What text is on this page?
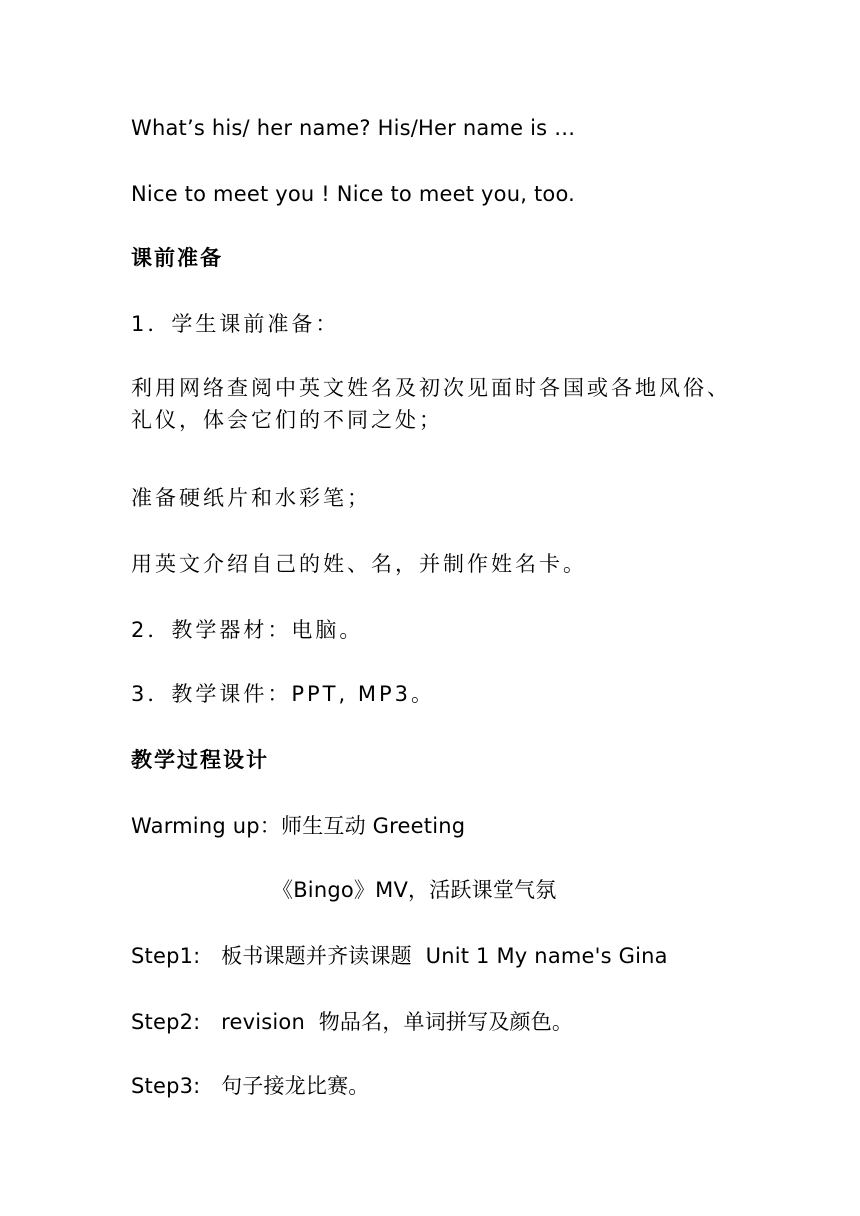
What’s his/ her name? His/Her name is …
Nice to meet you ! Nice to meet you, too.
课前准备
1．学生课前准备：
利用网络查阅中英文姓名及初次见面时各国或各地风俗、礼仪，体会它们的不同之处；
准备硬纸片和水彩笔；
用英文介绍自己的姓、名，并制作姓名卡。
2．教学器材：电脑。
3．教学课件：PPT, MP3。
教学过程设计
Warming up：师生互动 Greeting
《Bingo》MV，活跃课堂气氛
Step1:   板书课题并齐读课题  Unit 1 My name's Gina
Step2:   revision  物品名，单词拼写及颜色。
Step3:   句子接龙比赛。
